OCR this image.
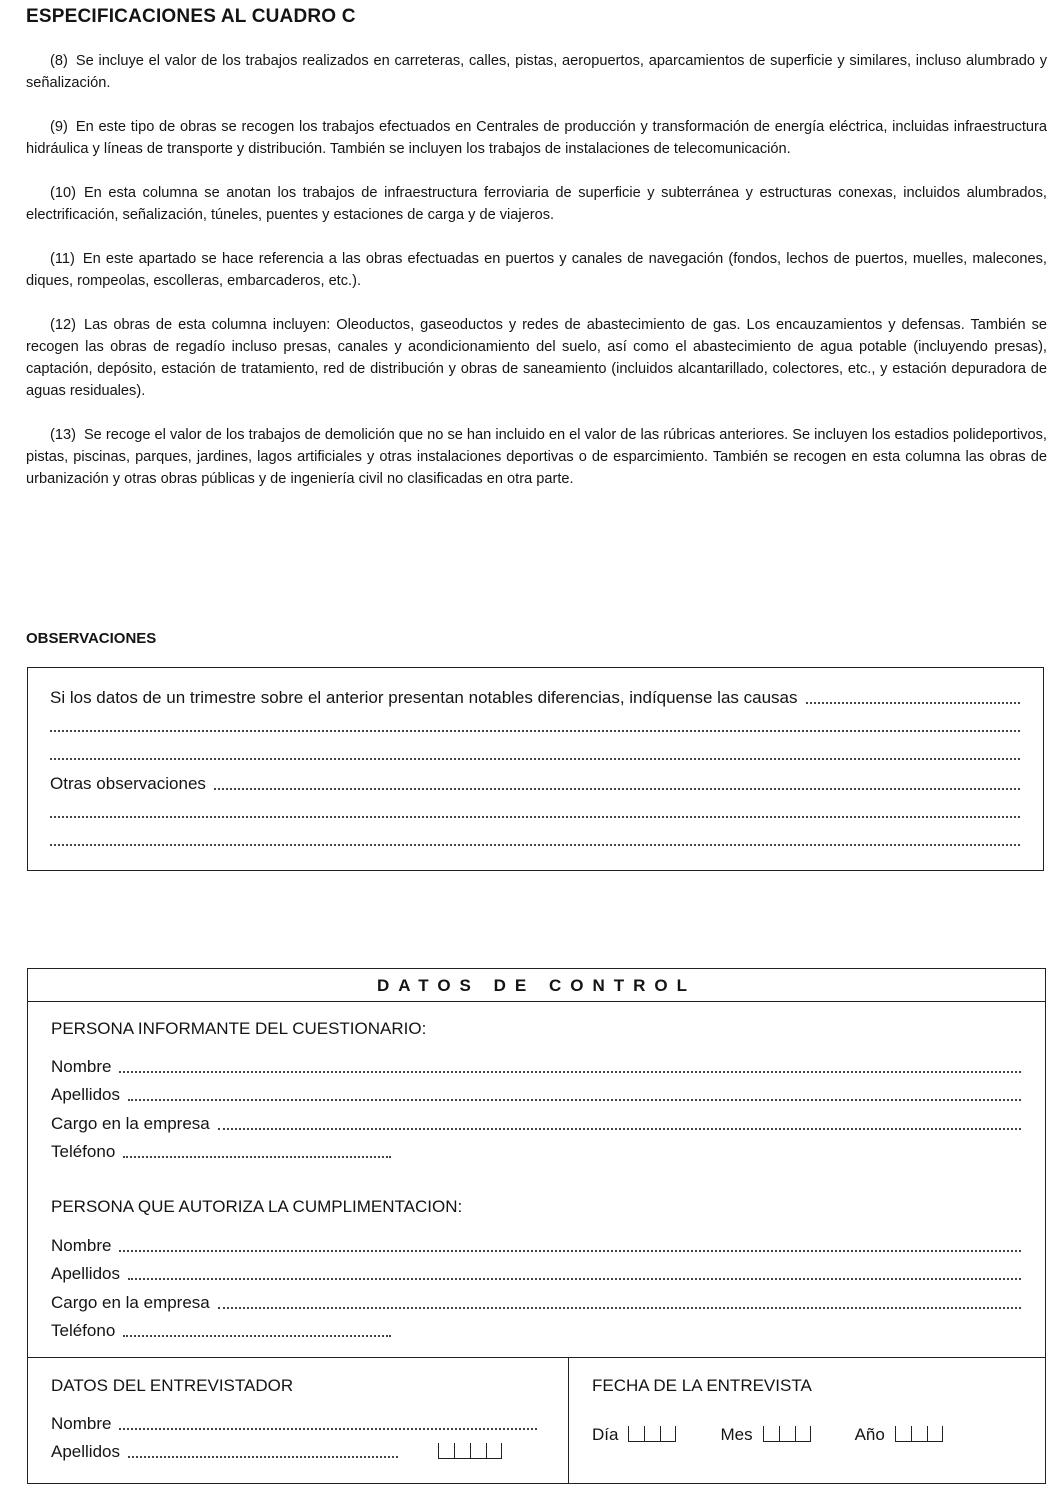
ESPECIFICACIONES AL CUADRO C

(8) Se incluye el valor de los trabajos realizados en carreteras, calles, pistas, aeropuertos, aparcamientos de superficie y similares, incluso alumbrado y señalización.

(9) En este tipo de obras se recogen los trabajos efectuados en Centrales de producción y transformación de energía eléctrica, incluidas infraestructura hidráulica y líneas de transporte y distribución. También se incluyen los trabajos de instalaciones de telecomunicación.

(10) En esta columna se anotan los trabajos de infraestructura ferroviaria de superficie y subterránea y estructuras conexas, incluidos alumbrados, electrificación, señalización, túneles, puentes y estaciones de carga y de viajeros.

(11) En este apartado se hace referencia a las obras efectuadas en puertos y canales de navegación (fondos, lechos de puertos, muelles, malecones, diques, rompeolas, escolleras, embarcaderos, etc.).

(12) Las obras de esta columna incluyen: Oleoductos, gaseoductos y redes de abastecimiento de gas. Los encauzamientos y defensas. También se recogen las obras de regadío incluso presas, canales y acondicionamiento del suelo, así como el abastecimiento de agua potable (incluyendo presas), captación, depósito, estación de tratamiento, red de distribución y obras de saneamiento (incluidos alcantarillado, colectores, etc., y estación depuradora de aguas residuales).

(13) Se recoge el valor de los trabajos de demolición que no se han incluido en el valor de las rúbricas anteriores. Se incluyen los estadios polideportivos, pistas, piscinas, parques, jardines, lagos artificiales y otras instalaciones deportivas o de esparcimiento. También se recogen en esta columna las obras de urbanización y otras obras públicas y de ingeniería civil no clasificadas en otra parte.

OBSERVACIONES
Si los datos de un trimestre sobre el anterior presentan notables diferencias, indíquense las causas
Otras observaciones
DATOS DE CONTROL
PERSONA INFORMANTE DEL CUESTIONARIO:
Nombre
Apellidos
Cargo en la empresa
Teléfono
PERSONA QUE AUTORIZA LA CUMPLIMENTACION:
Nombre
Apellidos
Cargo en la empresa
Teléfono
DATOS DEL ENTREVISTADOR
Nombre
Apellidos
FECHA DE LA ENTREVISTA
Día	Mes	Año
